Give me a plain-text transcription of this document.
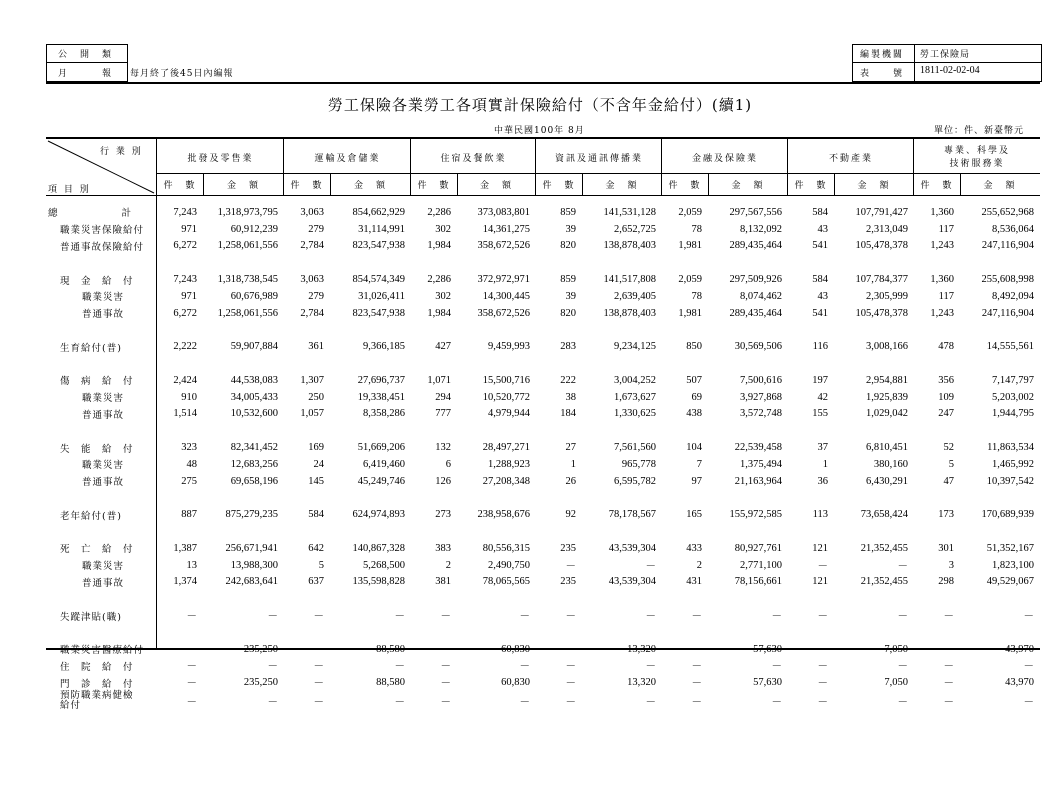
公　開　類
月　　　報 每月終了後45日內編報
編製機關 勞工保險局
表　　號 1811-02-02-04
勞工保險各業勞工各項實計保險給付（不含年金給付）(續1)
中華民國100年 8月	單位：件、新臺幣元
行 業 別
項 目 別
批發及零售業
件　數	金　額
運輸及倉儲業
件　數	金　額
住宿及餐飲業
件　數	金　額
資訊及通訊傳播業
件　數	金　額
金融及保險業
件　數	金　額
不動產業
件　數	金　額
專業、科學及
技術服務業
件　數	金　額
總　　　　　　計	7,243	1,318,973,795	3,063	854,662,929	2,286	373,083,801	859	141,531,128	2,059	297,567,556	584	107,791,427	1,360	255,652,968
職業災害保險給付	971	60,912,239	279	31,114,991	302	14,361,275	39	2,652,725	78	8,132,092	43	2,313,049	117	8,536,064
普通事故保險給付	6,272	1,258,061,556	2,784	823,547,938	1,984	358,672,526	820	138,878,403	1,981	289,435,464	541	105,478,378	1,243	247,116,904

現　金　給　付	7,243	1,318,738,545	3,063	854,574,349	2,286	372,972,971	859	141,517,808	2,059	297,509,926	584	107,784,377	1,360	255,608,998
職業災害	971	60,676,989	279	31,026,411	302	14,300,445	39	2,639,405	78	8,074,462	43	2,305,999	117	8,492,094
普通事故	6,272	1,258,061,556	2,784	823,547,938	1,984	358,672,526	820	138,878,403	1,981	289,435,464	541	105,478,378	1,243	247,116,904

生育給付(普)	2,222	59,907,884	361	9,366,185	427	9,459,993	283	9,234,125	850	30,569,506	116	3,008,166	478	14,555,561

傷　病　給　付	2,424	44,538,083	1,307	27,696,737	1,071	15,500,716	222	3,004,252	507	7,500,616	197	2,954,881	356	7,147,797
職業災害	910	34,005,433	250	19,338,451	294	10,520,772	38	1,673,627	69	3,927,868	42	1,925,839	109	5,203,002
普通事故	1,514	10,532,600	1,057	8,358,286	777	4,979,944	184	1,330,625	438	3,572,748	155	1,029,042	247	1,944,795

失　能　給　付	323	82,341,452	169	51,669,206	132	28,497,271	27	7,561,560	104	22,539,458	37	6,810,451	52	11,863,534
職業災害	48	12,683,256	24	6,419,460	6	1,288,923	1	965,778	7	1,375,494	1	380,160	5	1,465,992
普通事故	275	69,658,196	145	45,249,746	126	27,208,348	26	6,595,782	97	21,163,964	36	6,430,291	47	10,397,542

老年給付(普)	887	875,279,235	584	624,974,893	273	238,958,676	92	78,178,567	165	155,972,585	113	73,658,424	173	170,689,939

死　亡　給　付	1,387	256,671,941	642	140,867,328	383	80,556,315	235	43,539,304	433	80,927,761	121	21,352,455	301	51,352,167
職業災害	13	13,988,300	5	5,268,500	2	2,490,750	－	－	2	2,771,100	－	－	3	1,823,100
普通事故	1,374	242,683,641	637	135,598,828	381	78,065,565	235	43,539,304	431	78,156,661	121	21,352,455	298	49,529,067

失蹤津貼(職)	－	－	－	－	－	－	－	－	－	－	－	－	－	－

職業災害醫療給付	－	235,250	－	88,580	－	60,830	－	13,320	－	57,630	－	7,050	－	43,970
住　院　給　付	－	－	－	－	－	－	－	－	－	－	－	－	－	－
門　診　給　付	－	235,250	－	88,580	－	60,830	－	13,320	－	57,630	－	7,050	－	43,970
預防職業病健檢
給付	－	－	－	－	－	－	－	－	－	－	－	－	－	－
